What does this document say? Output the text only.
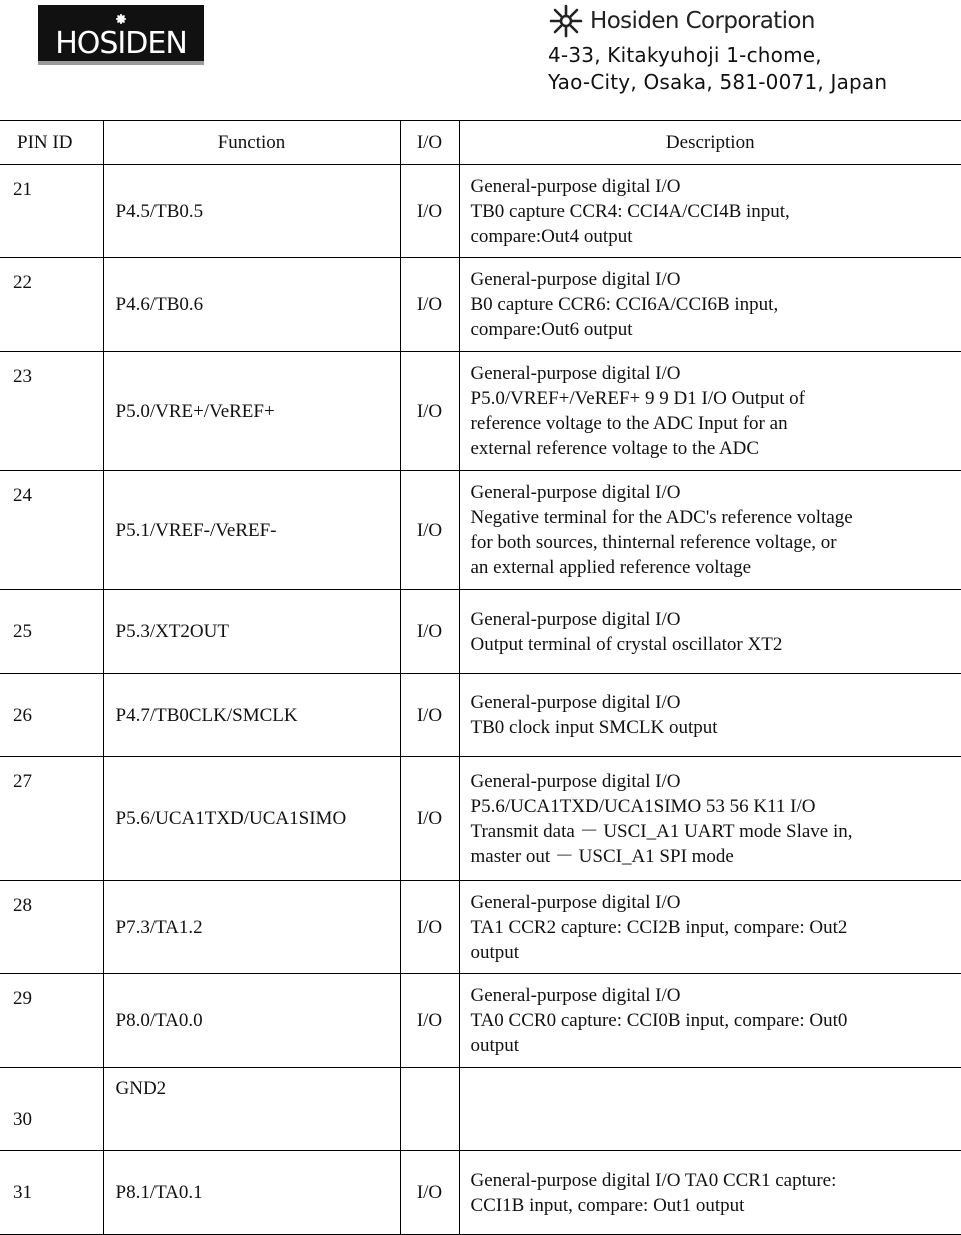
HOSIDEN
Hosiden Corporation
4-33, Kitakyuhoji 1-chome,
Yao-City, Osaka, 581-0071, Japan
PIN ID	Function	I/O	Description
21	P4.5/TB0.5	I/O	General-purpose digital I/O
TB0 capture CCR4: CCI4A/CCI4B input,
compare:Out4 output

22	P4.6/TB0.6	I/O	General-purpose digital I/O
B0 capture CCR6: CCI6A/CCI6B input,
compare:Out6 output

23	P5.0/VRE+/VeREF+	I/O	General-purpose digital I/O
P5.0/VREF+/VeREF+ 9 9 D1 I/O Output of
reference voltage to the ADC Input for an
external reference voltage to the ADC

24	P5.1/VREF-/VeREF-	I/O	General-purpose digital I/O
Negative terminal for the ADC's reference voltage
for both sources, thinternal reference voltage, or
an external applied reference voltage

25	P5.3/XT2OUT	I/O	General-purpose digital I/O
Output terminal of crystal oscillator XT2

26	P4.7/TB0CLK/SMCLK	I/O	General-purpose digital I/O
TB0 clock input SMCLK output

27	P5.6/UCA1TXD/UCA1SIMO	I/O	General-purpose digital I/O
P5.6/UCA1TXD/UCA1SIMO 53 56 K11 I/O
Transmit data － USCI_A1 UART mode Slave in,
master out － USCI_A1 SPI mode

28	P7.3/TA1.2	I/O	General-purpose digital I/O
TA1 CCR2 capture: CCI2B input, compare: Out2
output

29	P8.0/TA0.0	I/O	General-purpose digital I/O
TA0 CCR0 capture: CCI0B input, compare: Out0
output

30	GND2		
31	P8.1/TA0.1	I/O	General-purpose digital I/O TA0 CCR1 capture:
CCI1B input, compare: Out1 output
